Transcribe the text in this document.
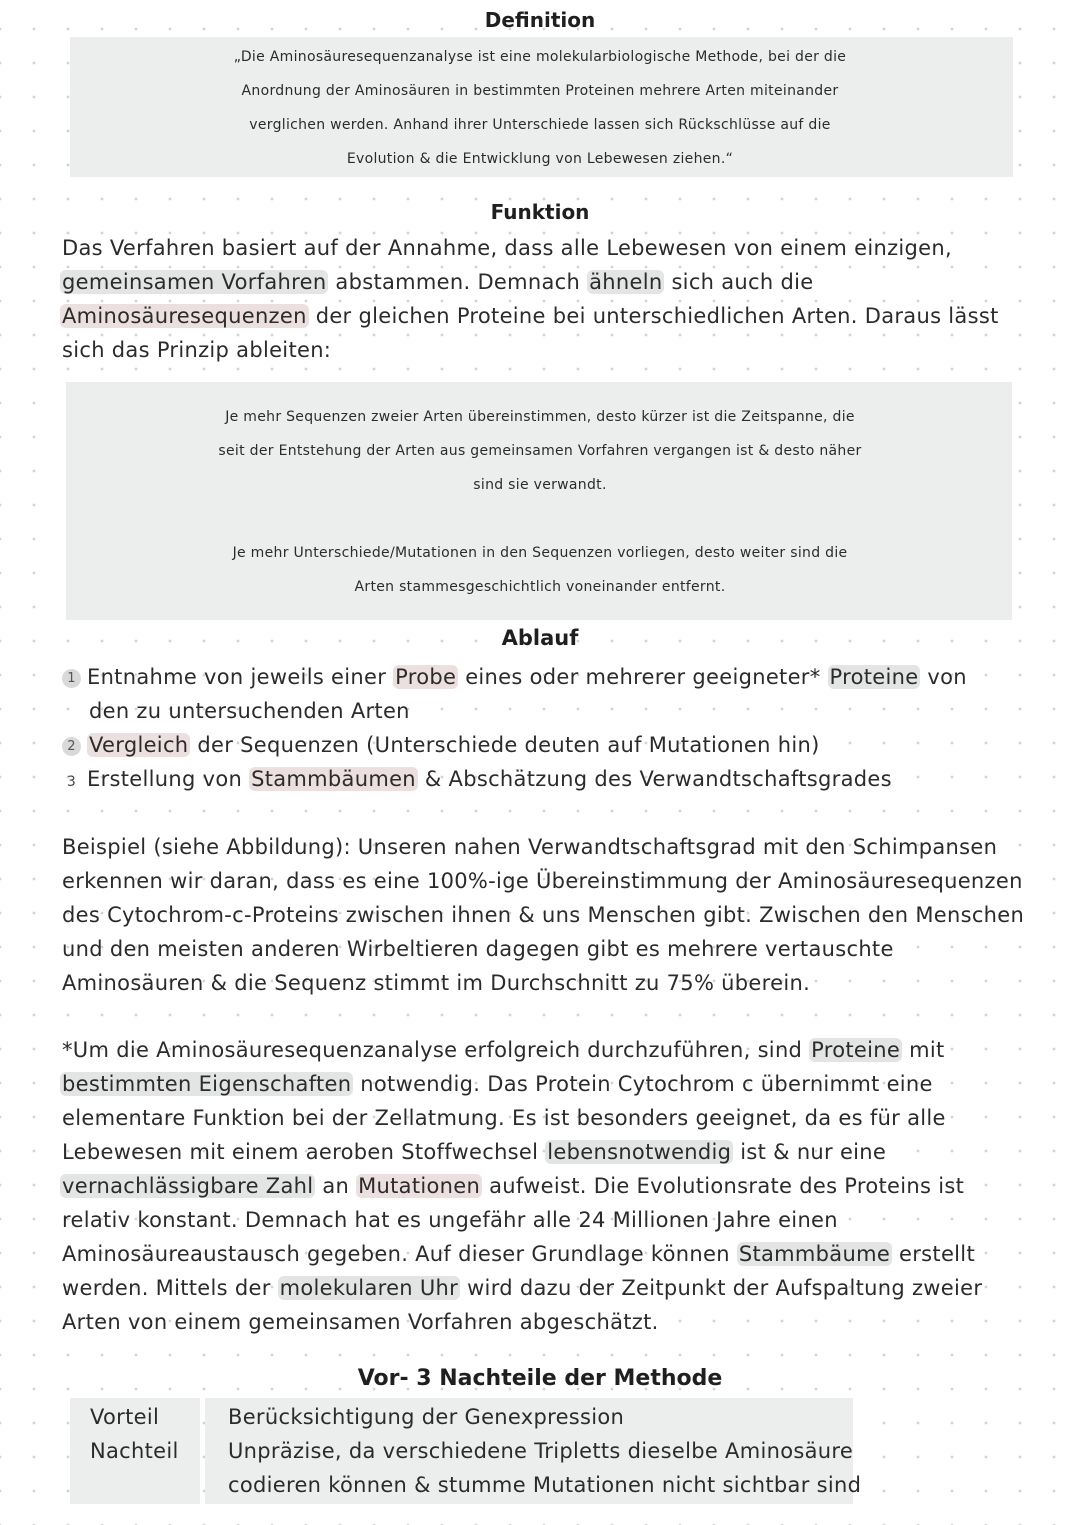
Definition
„Die Aminosäuresequenzanalyse ist eine molekularbiologische Methode, bei der die
Anordnung der Aminosäuren in bestimmten Proteinen mehrere Arten miteinander
verglichen werden. Anhand ihrer Unterschiede lassen sich Rückschlüsse auf die
Evolution & die Entwicklung von Lebewesen ziehen.“
Funktion
Das Verfahren basiert auf der Annahme, dass alle Lebewesen von einem einzigen,
gemeinsamen Vorfahren abstammen. Demnach ähneln sich auch die
Aminosäuresequenzen der gleichen Proteine bei unterschiedlichen Arten. Daraus lässt
sich das Prinzip ableiten:
Je mehr Sequenzen zweier Arten übereinstimmen, desto kürzer ist die Zeitspanne, die
seit der Entstehung der Arten aus gemeinsamen Vorfahren vergangen ist & desto näher
sind sie verwandt.
Je mehr Unterschiede/Mutationen in den Sequenzen vorliegen, desto weiter sind die
Arten stammesgeschichtlich voneinander entfernt.
Ablauf
1 Entnahme von jeweils einer Probe eines oder mehrerer geeigneter* Proteine von
den zu untersuchenden Arten
2 Vergleich der Sequenzen (Unterschiede deuten auf Mutationen hin)
3 Erstellung von Stammbäumen & Abschätzung des Verwandtschaftsgrades
Beispiel (siehe Abbildung): Unseren nahen Verwandtschaftsgrad mit den Schimpansen
erkennen wir daran, dass es eine 100%-ige Übereinstimmung der Aminosäuresequenzen
des Cytochrom-c-Proteins zwischen ihnen & uns Menschen gibt. Zwischen den Menschen
und den meisten anderen Wirbeltieren dagegen gibt es mehrere vertauschte
Aminosäuren & die Sequenz stimmt im Durchschnitt zu 75% überein.
*Um die Aminosäuresequenzanalyse erfolgreich durchzuführen, sind Proteine mit
bestimmten Eigenschaften notwendig. Das Protein Cytochrom c übernimmt eine
elementare Funktion bei der Zellatmung. Es ist besonders geeignet, da es für alle
Lebewesen mit einem aeroben Stoffwechsel lebensnotwendig ist & nur eine
vernachlässigbare Zahl an Mutationen aufweist. Die Evolutionsrate des Proteins ist
relativ konstant. Demnach hat es ungefähr alle 24 Millionen Jahre einen
Aminosäureaustausch gegeben. Auf dieser Grundlage können Stammbäume erstellt
werden. Mittels der molekularen Uhr wird dazu der Zeitpunkt der Aufspaltung zweier
Arten von einem gemeinsamen Vorfahren abgeschätzt.
Vor- 3 Nachteile der Methode
Vorteil	Berücksichtigung der Genexpression
Nachteil Unpräzise, da verschiedene Tripletts dieselbe Aminosäure
codieren können & stumme Mutationen nicht sichtbar sind
